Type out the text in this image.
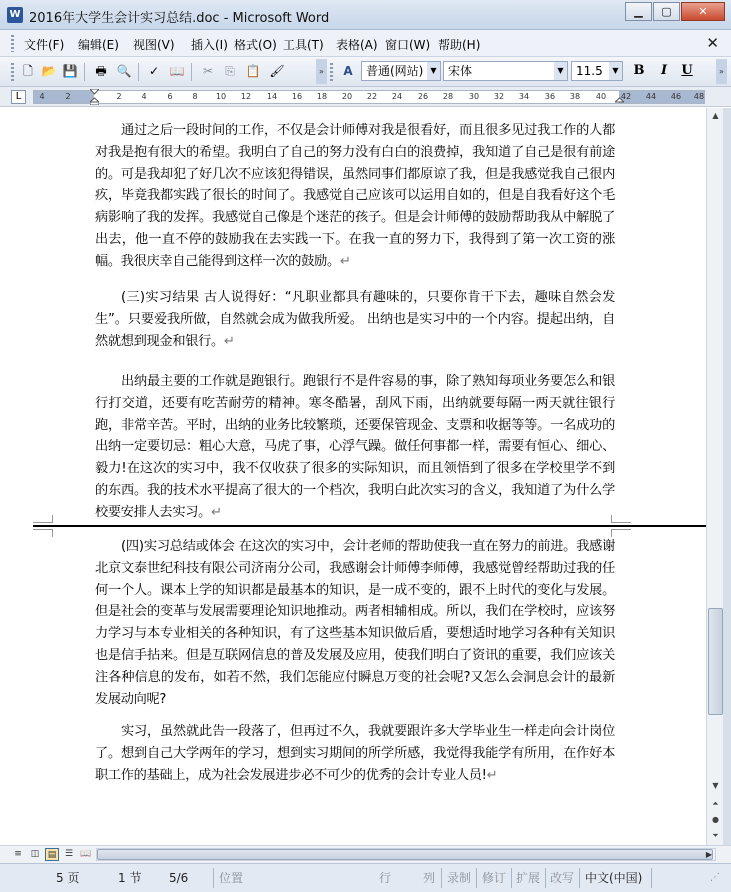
W 2016年大学生会计实习总结.doc - Microsoft Word	▁	▢	✕
文件(F)	编辑(E)	视图(V)	插入(I) 格式(O) 工具(T)	表格(A) 窗口(W) 帮助(H)	✕
🗋 📂 💾 🖶 🔍 ✓ 📖 ✂ ⎘ 📋 🖌	» A	普通(网站) ▼ 宋体	▼	11.5	▼ B	I	U	»
L	4	2	2 4	6 8 10 12 14 16 18 20 22 24 26 28 30 32 34 36 38 40 42 44 46 48
通过之后一段时间的工作，不仅是会计师傅对我是很看好，而且很多见过我工作的人都对我是抱有很大的希望。我明白了自己的努力没有白白的浪费掉，我知道了自己是很有前途的。可是我却犯了好几次不应该犯得错误，虽然同事们都原谅了我，但是我感觉我自己很内疚，毕竟我都实践了很长的时间了。我感觉自己应该可以运用自如的，但是自我看好这个毛病影响了我的发挥。我感觉自己像是个迷茫的孩子。但是会计师傅的鼓励帮助我从中解脱了出去，他一直不停的鼓励我在去实践一下。在我一直的努力下，我得到了第一次工资的涨幅。我很庆幸自己能得到这样一次的鼓励。↵
(三)实习结果 古人说得好：“凡职业都具有趣味的，只要你肯干下去，趣味自然会发生”。只要爱我所做，自然就会成为做我所爱。 出纳也是实习中的一个内容。提起出纳，自然就想到现金和银行。↵
出纳最主要的工作就是跑银行。跑银行不是件容易的事，除了熟知每项业务要怎么和银行打交道，还要有吃苦耐劳的精神。寒冬酷暑，刮风下雨，出纳就要每隔一两天就往银行跑，非常辛苦。平时，出纳的业务比较繁琐，还要保管现金、支票和收据等等。一名成功的出纳一定要切忌：粗心大意，马虎了事，心浮气躁。做任何事都一样，需要有恒心、细心、毅力!在这次的实习中，我不仅收获了很多的实际知识，而且领悟到了很多在学校里学不到的东西。我的技术水平提高了很大的一个档次，我明白此次实习的含义，我知道了为什么学校要安排人去实习。↵
(四)实习总结或体会 在这次的实习中，会计老师的帮助使我一直在努力的前进。我感谢北京文泰世纪科技有限公司济南分公司，我感谢会计师傅李师傅，我感觉曾经帮助过我的任何一个人。课本上学的知识都是最基本的知识，是一成不变的，跟不上时代的变化与发展。但是社会的变革与发展需要理论知识地推动。两者相辅相成。所以，我们在学校时，应该努力学习与本专业相关的各种知识，有了这些基本知识做后盾，要想适时地学习各种有关知识也是信手拈来。但是互联网信息的普及发展及应用，使我们明白了资讯的重要，我们应该关注各种信息的发布，如若不然，我们怎能应付瞬息万变的社会呢?又怎么会洞息会计的最新发展动向呢?
实习，虽然就此告一段落了，但再过不久，我就要跟许多大学毕业生一样走向会计岗位了。想到自己大学两年的学习，想到实习期间的所学所感，我觉得我能学有所用，在作好本职工作的基础上，成为社会发展进步必不可少的优秀的会计专业人员!↵
▲
▼
⏶
●
⏷
≡ ◫ ▤ ☰ 📖	▶
5 页	1 节 5/6	位置	行	列 录制 修订 扩展 改写 中文(中国)	⋰
